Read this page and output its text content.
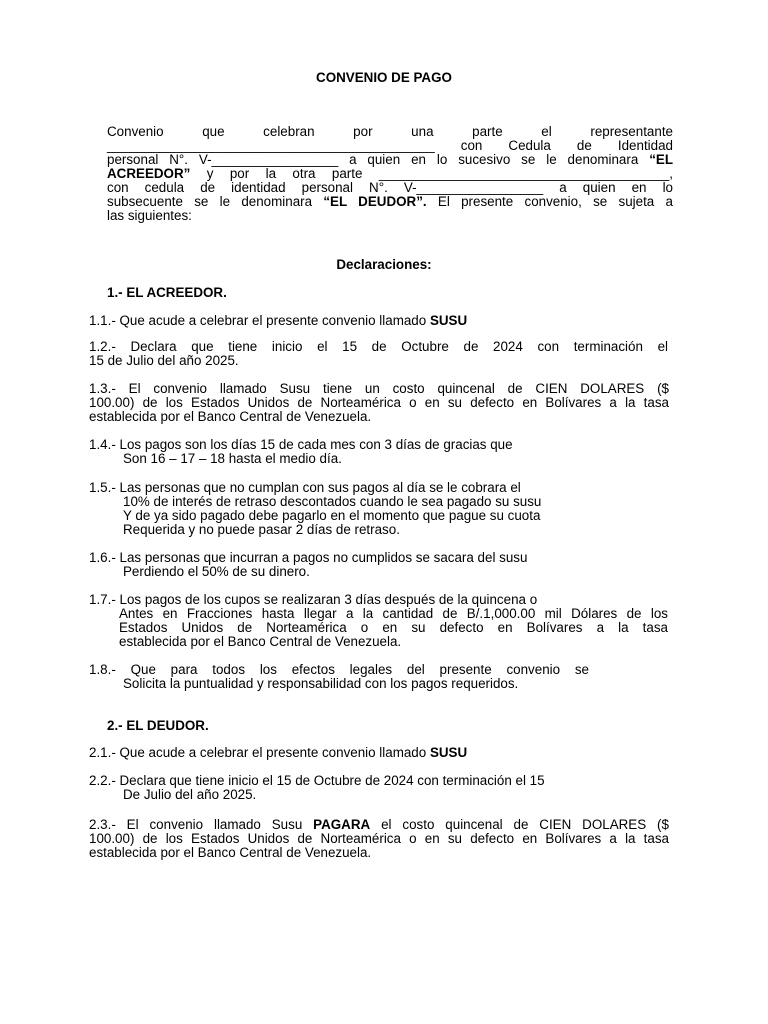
CONVENIO DE PAGO
Convenio que celebran por una parte el representante
____________________________________________ con Cedula de Identidad
personal N°. V-_________________ a quien en lo sucesivo se le denominara “EL
ACREEDOR” y por la otra parte _______________________________________,
con cedula de identidad personal N°. V-_________________ a quien en lo
subsecuente se le denominara “EL DEUDOR”. El presente convenio, se sujeta a
las siguientes:
Declaraciones:
1.- EL ACREEDOR.
1.1.- Que acude a celebrar el presente convenio llamado SUSU
1.2.- Declara que tiene inicio el 15 de Octubre de 2024 con terminación el
15 de Julio del año 2025.
1.3.- El convenio llamado Susu tiene un costo quincenal de CIEN DOLARES ($
100.00) de los Estados Unidos de Norteamérica o en su defecto en Bolívares a la tasa
establecida por el Banco Central de Venezuela.
1.4.- Los pagos son los días 15 de cada mes con 3 días de gracias que
Son 16 – 17 – 18 hasta el medio día.
1.5.- Las personas que no cumplan con sus pagos al día se le cobrara el
10% de interés de retraso descontados cuando le sea pagado su susu
Y de ya sido pagado debe pagarlo en el momento que pague su cuota
Requerida y no puede pasar 2 días de retraso.
1.6.- Las personas que incurran a pagos no cumplidos se sacara del susu
Perdiendo el 50% de su dinero.
1.7.- Los pagos de los cupos se realizaran 3 días después de la quincena o
Antes en Fracciones hasta llegar a la cantidad de B/.1,000.00 mil Dólares de los
Estados Unidos de Norteamérica o en su defecto en Bolívares a la tasa
establecida por el Banco Central de Venezuela.
1.8.- Que para todos los efectos legales del presente convenio se
Solicita la puntualidad y responsabilidad con los pagos requeridos.
2.- EL DEUDOR.
2.1.- Que acude a celebrar el presente convenio llamado SUSU
2.2.- Declara que tiene inicio el 15 de Octubre de 2024 con terminación el 15
De Julio del año 2025.
2.3.- El convenio llamado Susu PAGARA el costo quincenal de CIEN DOLARES ($
100.00) de los Estados Unidos de Norteamérica o en su defecto en Bolívares a la tasa
establecida por el Banco Central de Venezuela.
